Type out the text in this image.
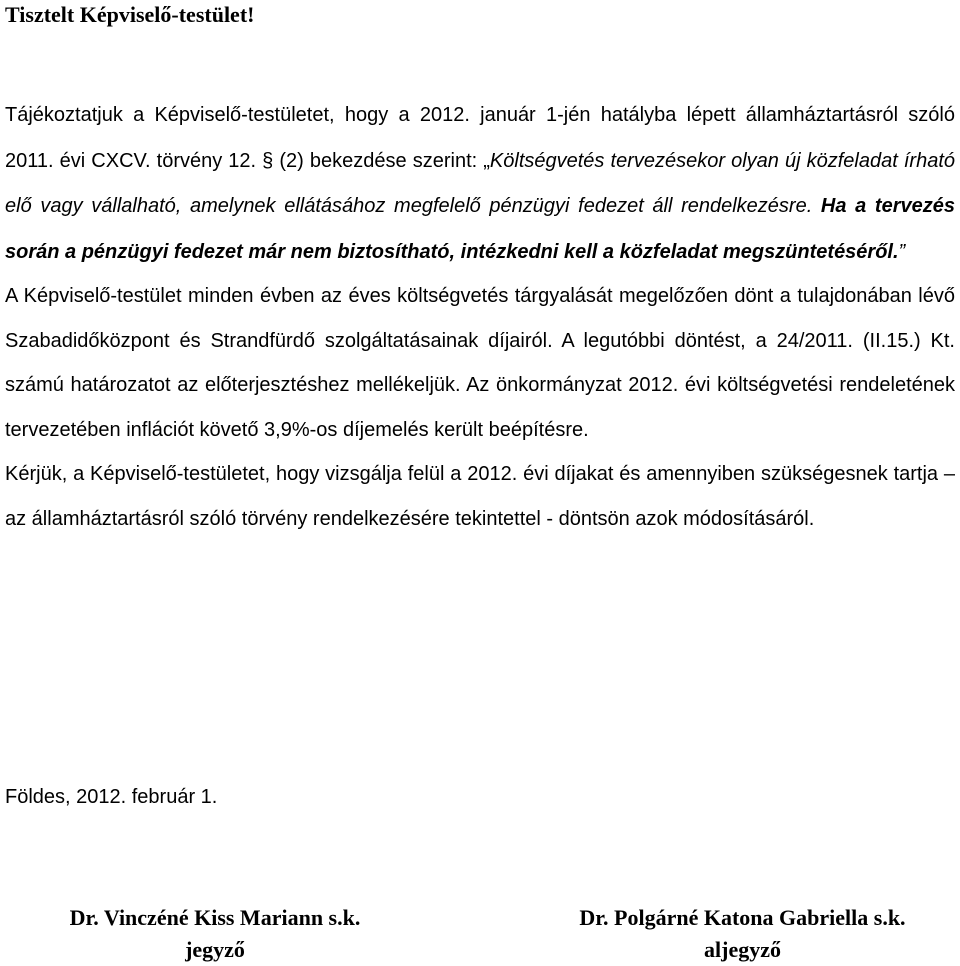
Tisztelt Képviselő-testület!

Tájékoztatjuk a Képviselő-testületet, hogy a 2012. január 1-jén hatályba lépett államháztartásról szóló 2011. évi CXCV. törvény 12. § (2) bekezdése szerint: „Költségvetés tervezésekor olyan új közfeladat írható elő vagy vállalható, amelynek ellátásához megfelelő pénzügyi fedezet áll rendelkezésre. Ha a tervezés során a pénzügyi fedezet már nem biztosítható, intézkedni kell a közfeladat megszüntetéséről.”

A Képviselő-testület minden évben az éves költségvetés tárgyalását megelőzően dönt a tulajdonában lévő Szabadidőközpont és Strandfürdő szolgáltatásainak díjairól. A legutóbbi döntést, a 24/2011. (II.15.) Kt. számú határozatot az előterjesztéshez mellékeljük. Az önkormányzat 2012. évi költségvetési rendeletének tervezetében inflációt követő 3,9%-os díjemelés került beépítésre.

Kérjük, a Képviselő-testületet, hogy vizsgálja felül a 2012. évi díjakat és amennyiben szükségesnek tartja – az államháztartásról szóló törvény rendelkezésére tekintettel - döntsön azok módosításáról.

Földes, 2012. február 1.
Dr. Vinczéné Kiss Mariann s.k.
jegyző
Dr. Polgárné Katona Gabriella s.k.
aljegyző
